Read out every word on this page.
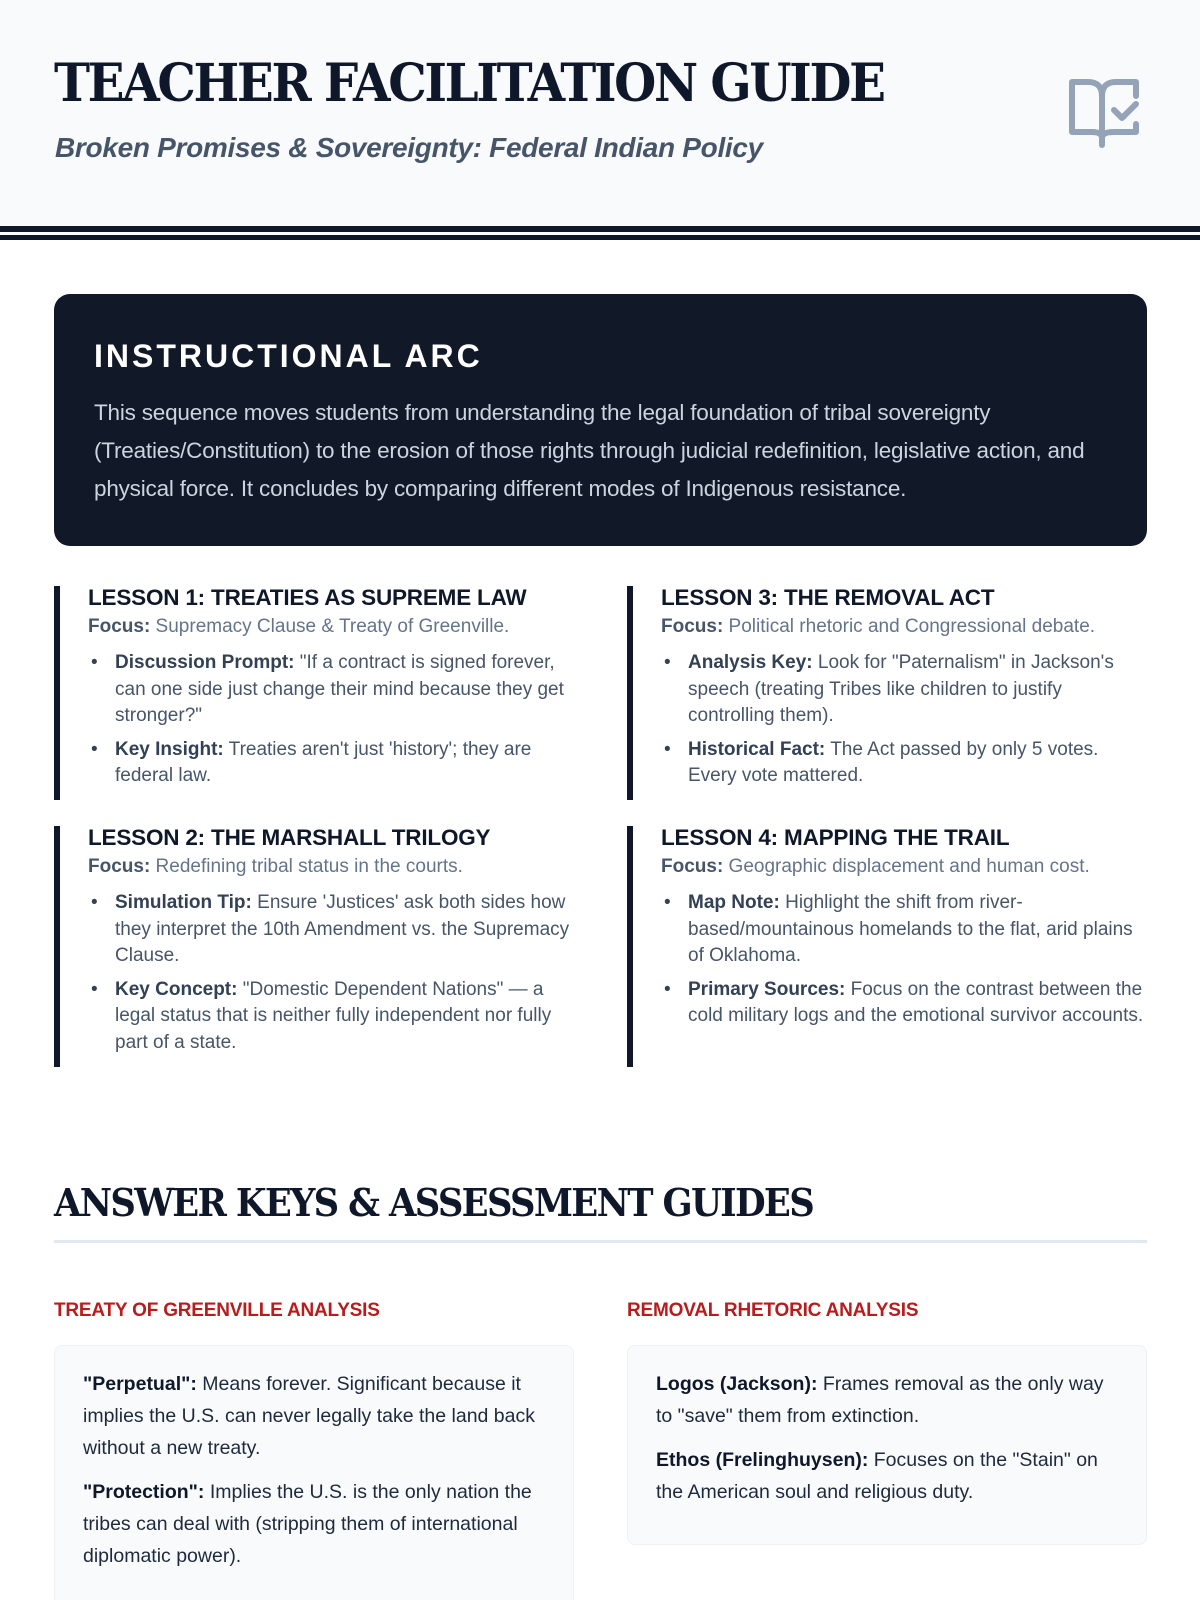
TEACHER FACILITATION GUIDE
Broken Promises & Sovereignty: Federal Indian Policy
INSTRUCTIONAL ARC

This sequence moves students from understanding the legal foundation of tribal sovereignty (Treaties/Constitution) to the erosion of those rights through judicial redefinition, legislative action, and physical force. It concludes by comparing different modes of Indigenous resistance.

LESSON 1: TREATIES AS SUPREME LAW
Focus: Supremacy Clause & Treaty of Greenville.
• Discussion Prompt: "If a contract is signed forever, can one side just change their mind because they get stronger?"
• Key Insight: Treaties aren't just 'history'; they are federal law.
LESSON 3: THE REMOVAL ACT
Focus: Political rhetoric and Congressional debate.
• Analysis Key: Look for "Paternalism" in Jackson's speech (treating Tribes like children to justify controlling them).
• Historical Fact: The Act passed by only 5 votes. Every vote mattered.
LESSON 2: THE MARSHALL TRILOGY
Focus: Redefining tribal status in the courts.
• Simulation Tip: Ensure 'Justices' ask both sides how they interpret the 10th Amendment vs. the Supremacy Clause.
• Key Concept: "Domestic Dependent Nations" — a legal status that is neither fully independent nor fully part of a state.
LESSON 4: MAPPING THE TRAIL
Focus: Geographic displacement and human cost.
• Map Note: Highlight the shift from river-based/mountainous homelands to the flat, arid plains of Oklahoma.
• Primary Sources: Focus on the contrast between the cold military logs and the emotional survivor accounts.
ANSWER KEYS & ASSESSMENT GUIDES
TREATY OF GREENVILLE ANALYSIS	REMOVAL RHETORIC ANALYSIS

"Perpetual": Means forever. Significant because it implies the U.S. can never legally take the land back without a new treaty.

"Protection": Implies the U.S. is the only nation the tribes can deal with (stripping them of international diplomatic power).

Logos (Jackson): Frames removal as the only way to "save" them from extinction.

Ethos (Frelinghuysen): Focuses on the "Stain" on the American soul and religious duty.
